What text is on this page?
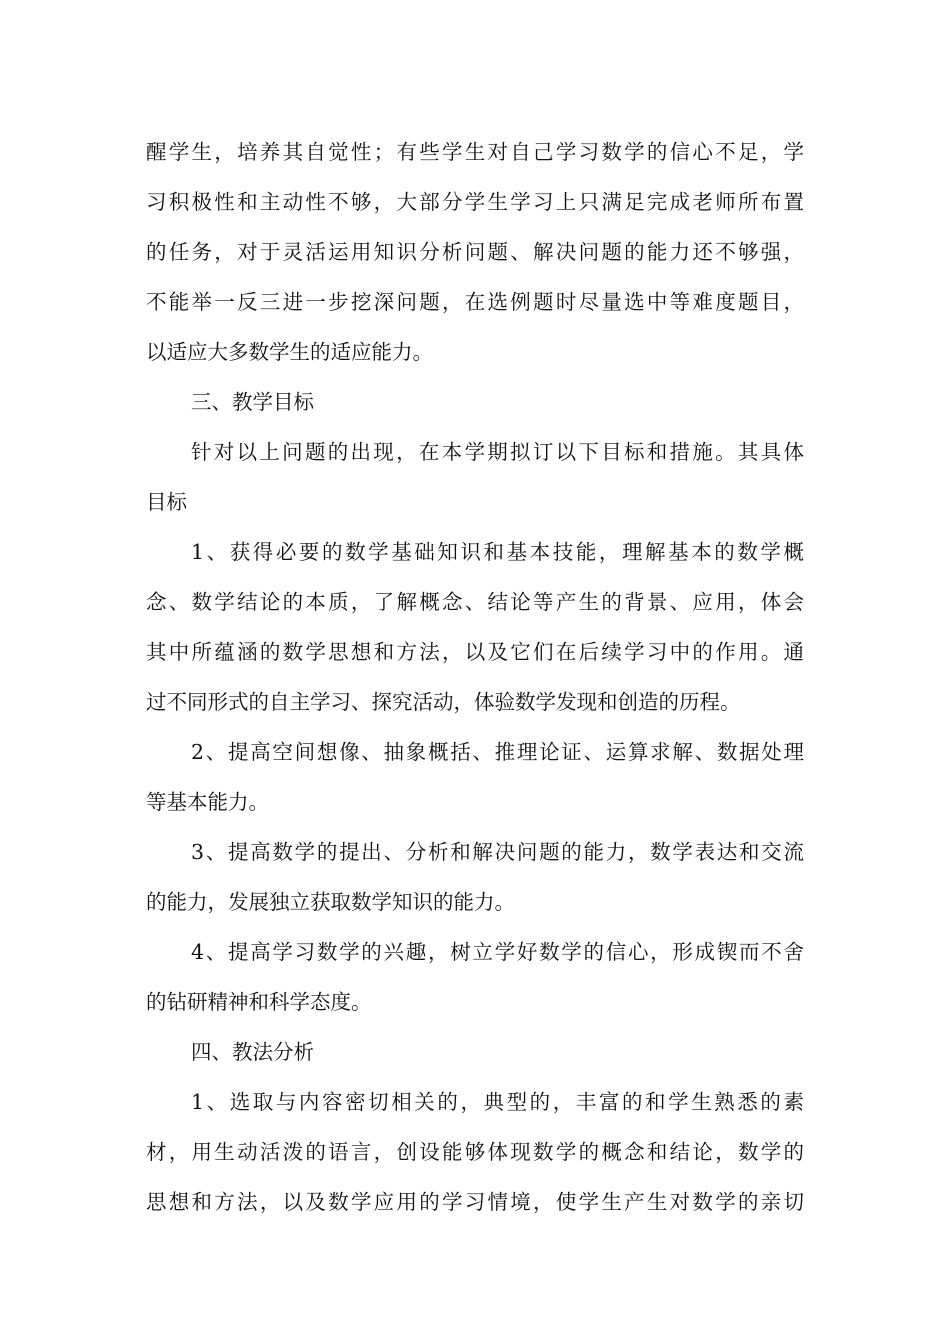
醒学生，培养其自觉性；有些学生对自己学习数学的信心不足，学
习积极性和主动性不够，大部分学生学习上只满足完成老师所布置
的任务，对于灵活运用知识分析问题、解决问题的能力还不够强，
不能举一反三进一步挖深问题，在选例题时尽量选中等难度题目，
以适应大多数学生的适应能力。
三、教学目标
针对以上问题的出现，在本学期拟订以下目标和措施。其具体
目标
1、获得必要的数学基础知识和基本技能，理解基本的数学概
念、数学结论的本质，了解概念、结论等产生的背景、应用，体会
其中所蕴涵的数学思想和方法，以及它们在后续学习中的作用。通
过不同形式的自主学习、探究活动，体验数学发现和创造的历程。
2、提高空间想像、抽象概括、推理论证、运算求解、数据处理
等基本能力。
3、提高数学的提出、分析和解决问题的能力，数学表达和交流
的能力，发展独立获取数学知识的能力。
4、提高学习数学的兴趣，树立学好数学的信心，形成锲而不舍
的钻研精神和科学态度。
四、教法分析
1、选取与内容密切相关的，典型的，丰富的和学生熟悉的素
材，用生动活泼的语言，创设能够体现数学的概念和结论，数学的
思想和方法，以及数学应用的学习情境，使学生产生对数学的亲切
